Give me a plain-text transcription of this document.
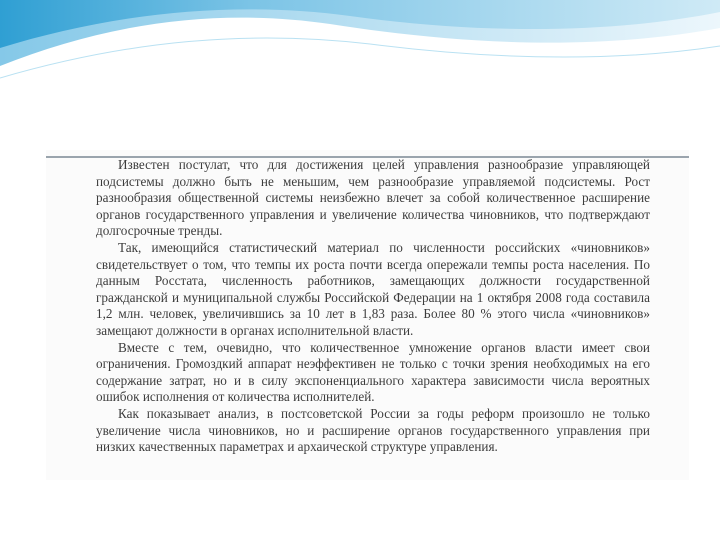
Известен постулат, что для достижения целей управления разнообразие управляющей подсистемы должно быть не меньшим, чем разнообразие управляемой подсистемы. Рост разнообразия общественной системы неизбежно влечет за собой количественное расширение органов государственного управления и увеличение количества чиновников, что подтверждают долгосрочные тренды.

Так, имеющийся статистический материал по численности российских «чиновников» свидетельствует о том, что темпы их роста почти всегда опережали темпы роста населения. По данным Росстата, численность работников, замещающих должности государственной гражданской и муниципальной службы Российской Федерации на 1 октября 2008 года составила 1,2 млн. человек, увеличившись за 10 лет в 1,83 раза. Более 80 % этого числа «чиновников» замещают должности в органах исполнительной власти.

Вместе с тем, очевидно, что количественное умножение органов власти имеет свои ограничения. Громоздкий аппарат неэффективен не только с точки зрения необходимых на его содержание затрат, но и в силу экспоненциального характера зависимости числа вероятных ошибок исполнения от количества исполнителей.

Как показывает анализ, в постсоветской России за годы реформ произошло не только увеличение числа чиновников, но и расширение органов государственного управления при низких качественных параметрах и архаической структуре управления.
